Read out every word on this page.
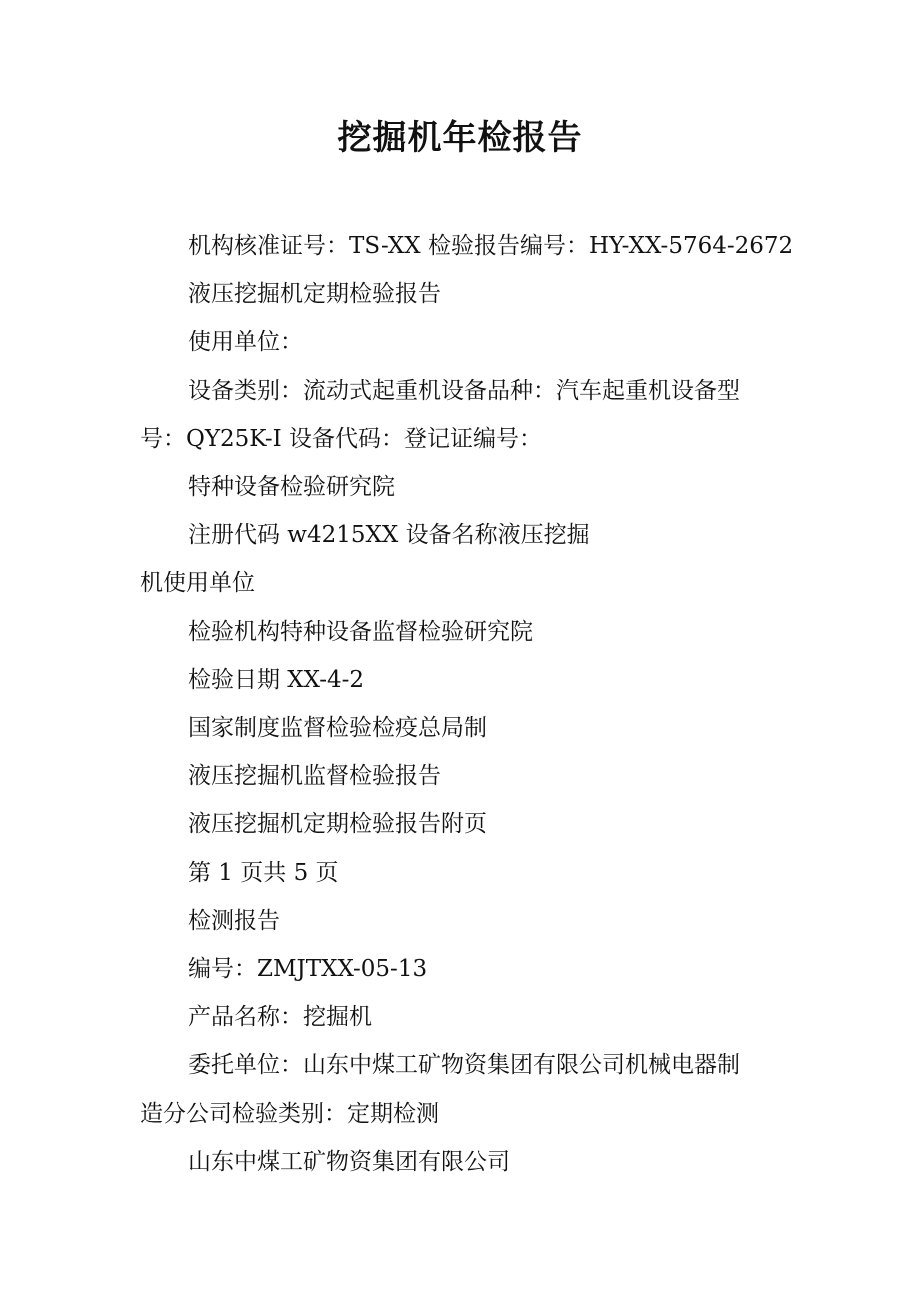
挖掘机年检报告

机构核准证号：TS-XX 检验报告编号：HY-XX-5764-2672

液压挖掘机定期检验报告

使用单位：

设备类别：流动式起重机设备品种：汽车起重机设备型

号：QY25K-I 设备代码：登记证编号：

特种设备检验研究院

注册代码 w4215XX 设备名称液压挖掘

机使用单位

检验机构特种设备监督检验研究院

检验日期 XX-4-2

国家制度监督检验检疫总局制

液压挖掘机监督检验报告

液压挖掘机定期检验报告附页

第 1 页共 5 页

检测报告

编号：ZMJTXX-05-13

产品名称：挖掘机

委托单位：山东中煤工矿物资集团有限公司机械电器制

造分公司检验类别：定期检测

山东中煤工矿物资集团有限公司
